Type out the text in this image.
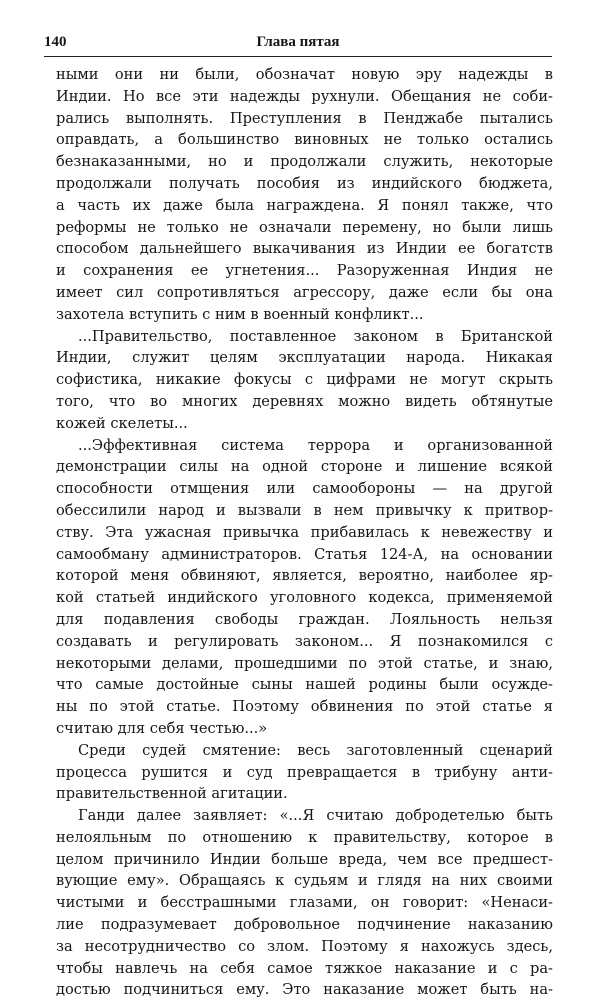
140	Глава пятая
ными они ни были, обозначат новую эру надежды в
Индии. Но все эти надежды рухнули. Обещания не соби-
рались выполнять. Преступления в Пенджабе пытались
оправдать, а большинство виновных не только остались
безнаказанными, но и продолжали служить, некоторые
продолжали получать пособия из индийского бюджета,
а часть их даже была награждена. Я понял также, что
реформы не только не означали перемену, но были лишь
способом дальнейшего выкачивания из Индии ее богатств
и сохранения ее угнетения... Разоруженная Индия не
имеет сил сопротивляться агрессору, даже если бы она
захотела вступить с ним в военный конфликт...
...Правительство, поставленное законом в Британской
Индии, служит целям эксплуатации народа. Никакая
софистика, никакие фокусы с цифрами не могут скрыть
того, что во многих деревнях можно видеть обтянутые
кожей скелеты...
...Эффективная система террора и организованной
демонстрации силы на одной стороне и лишение всякой
способности отмщения или самообороны — на другой
обессилили народ и вызвали в нем привычку к притвор-
ству. Эта ужасная привычка прибавилась к невежеству и
самообману администраторов. Статья 124-А, на основании
которой меня обвиняют, является, вероятно, наиболее яр-
кой статьей индийского уголовного кодекса, применяемой
для подавления свободы граждан. Лояльность нельзя
создавать и регулировать законом... Я познакомился с
некоторыми делами, прошедшими по этой статье, и знаю,
что самые достойные сыны нашей родины были осужде-
ны по этой статье. Поэтому обвинения по этой статье я
считаю для себя честью...»
Среди судей смятение: весь заготовленный сценарий
процесса рушится и суд превращается в трибуну анти-
правительственной агитации.
Ганди далее заявляет: «...Я считаю добродетелью быть
нелояльным по отношению к правительству, которое в
целом причинило Индии больше вреда, чем все предшест-
вующие ему». Обращаясь к судьям и глядя на них своими
чистыми и бесстрашными глазами, он говорит: «Ненаси-
лие подразумевает добровольное подчинение наказанию
за несотрудничество со злом. Поэтому я нахожусь здесь,
чтобы навлечь на себя самое тяжкое наказание и с ра-
достью подчиниться ему. Это наказание может быть на-
